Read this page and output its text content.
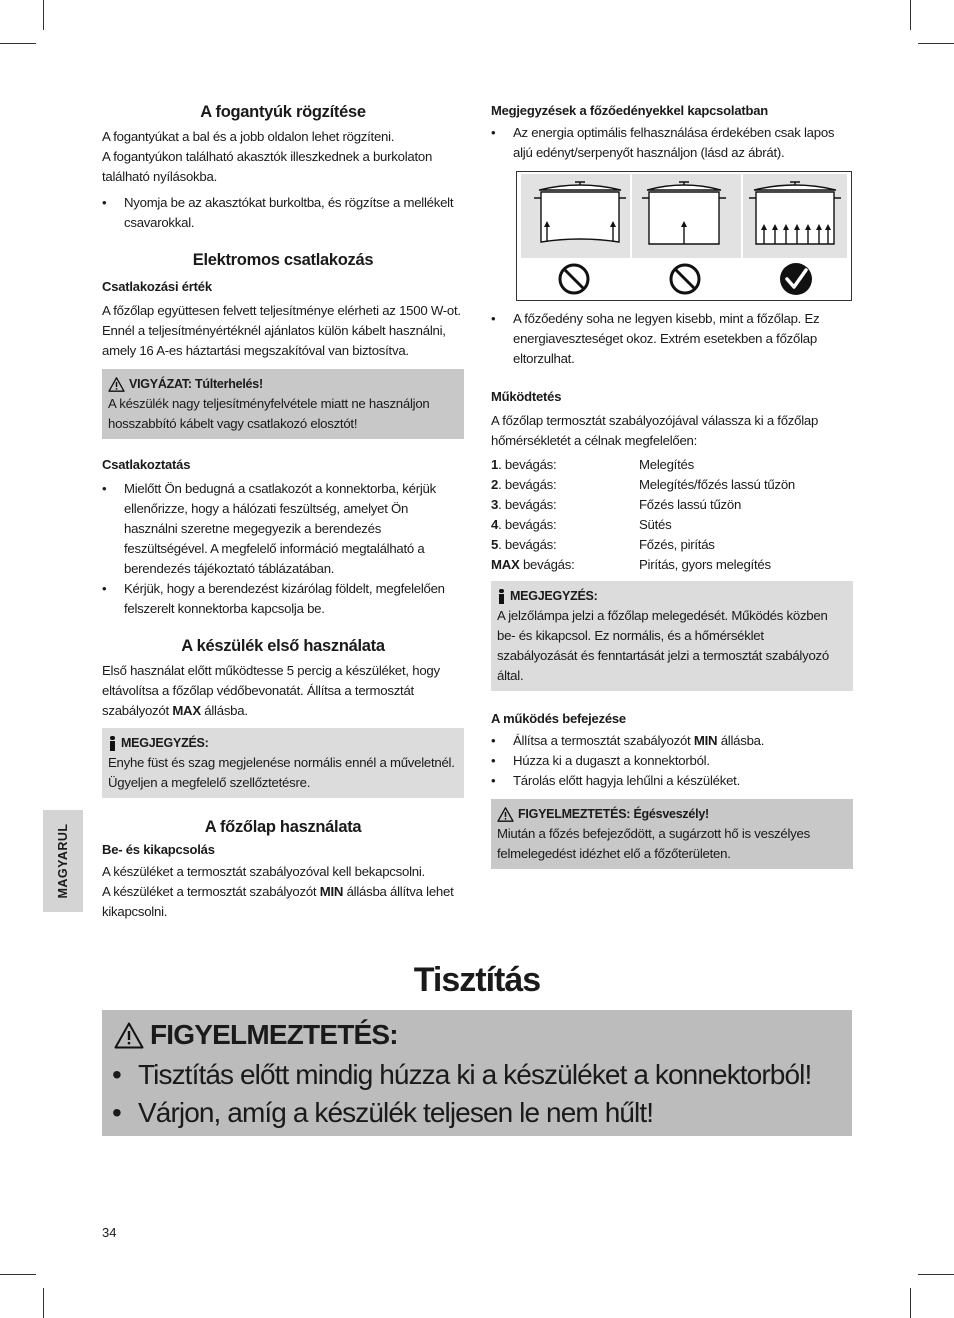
MAGYARUL
A fogantyúk rögzítése

A fogantyúkat a bal és a jobb oldalon lehet rögzíteni.

A fogantyúkon található akasztók illeszkednek a burkolaton található nyílásokba.

• Nyomja be az akasztókat burkoltba, és rögzítse a mellékelt csavarokkal.
Elektromos csatlakozás

Csatlakozási érték

A főzőlap együttesen felvett teljesítménye elérheti az 1500 W-ot. Ennél a teljesítményértéknél ajánlatos külön kábelt használni, amely 16 A-es háztartási megszakítóval van biztosítva.

VIGYÁZAT: Túlterhelés!
A készülék nagy teljesítményfelvétele miatt ne használjon hosszabbító kábelt vagy csatlakozó elosztót!

Csatlakoztatás

• Mielőtt Ön bedugná a csatlakozót a konnektorba, kérjük ellenőrizze, hogy a hálózati feszültség, amelyet Ön használni szeretne megegyezik a berendezés feszültségével. A megfelelő információ megtalálható a berendezés tájékoztató táblázatában.
• Kérjük, hogy a berendezést kizárólag földelt, megfelelően felszerelt konnektorba kapcsolja be.
A készülék első használata

Első használat előtt működtesse 5 percig a készüléket, hogy eltávolítsa a főzőlap védőbevonatát. Állítsa a termosztát szabályozót MAX állásba.

MEGJEGYZÉS:
Enyhe füst és szag megjelenése normális ennél a műveletnél. Ügyeljen a megfelelő szellőztetésre.
A főzőlap használata

Be- és kikapcsolás

A készüléket a termosztát szabályozóval kell bekapcsolni.

A készüléket a termosztát szabályozót MIN állásba állítva lehet kikapcsolni.

Megjegyzések a főzőedényekkel kapcsolatban

• Az energia optimális felhasználása érdekében csak lapos aljú edényt/serpenyőt használjon (lásd az ábrát).
• A főzőedény soha ne legyen kisebb, mint a főzőlap. Ez energiaveszteséget okoz. Extrém esetekben a főzőlap eltorzulhat.

Működtetés

A főzőlap termosztát szabályozójával válassza ki a főzőlap hőmérsékletét a célnak megfelelően:

1. bevágás:	Melegítés
2. bevágás:	Melegítés/főzés lassú tűzön
3. bevágás:	Főzés lassú tűzön
4. bevágás:	Sütés
5. bevágás:	Főzés, pirítás
MAX bevágás:	Pirítás, gyors melegítés
MEGJEGYZÉS:
A jelzőlámpa jelzi a főzőlap melegedését. Működés közben be- és kikapcsol. Ez normális, és a hőmérséklet szabályozását és fenntartását jelzi a termosztát szabályozó által.

A működés befejezése

• Állítsa a termosztát szabályozót MIN állásba.
• Húzza ki a dugaszt a konnektorból.
• Tárolás előtt hagyja lehűlni a készüléket.
FIGYELMEZTETÉS: Égésveszély!
Miután a főzés befejeződött, a sugárzott hő is veszélyes felmelegedést idézhet elő a főzőterületen.
Tisztítás
FIGYELMEZTETÉS:
• Tisztítás előtt mindig húzza ki a készüléket a konnektorból!
• Várjon, amíg a készülék teljesen le nem hűlt!
34
